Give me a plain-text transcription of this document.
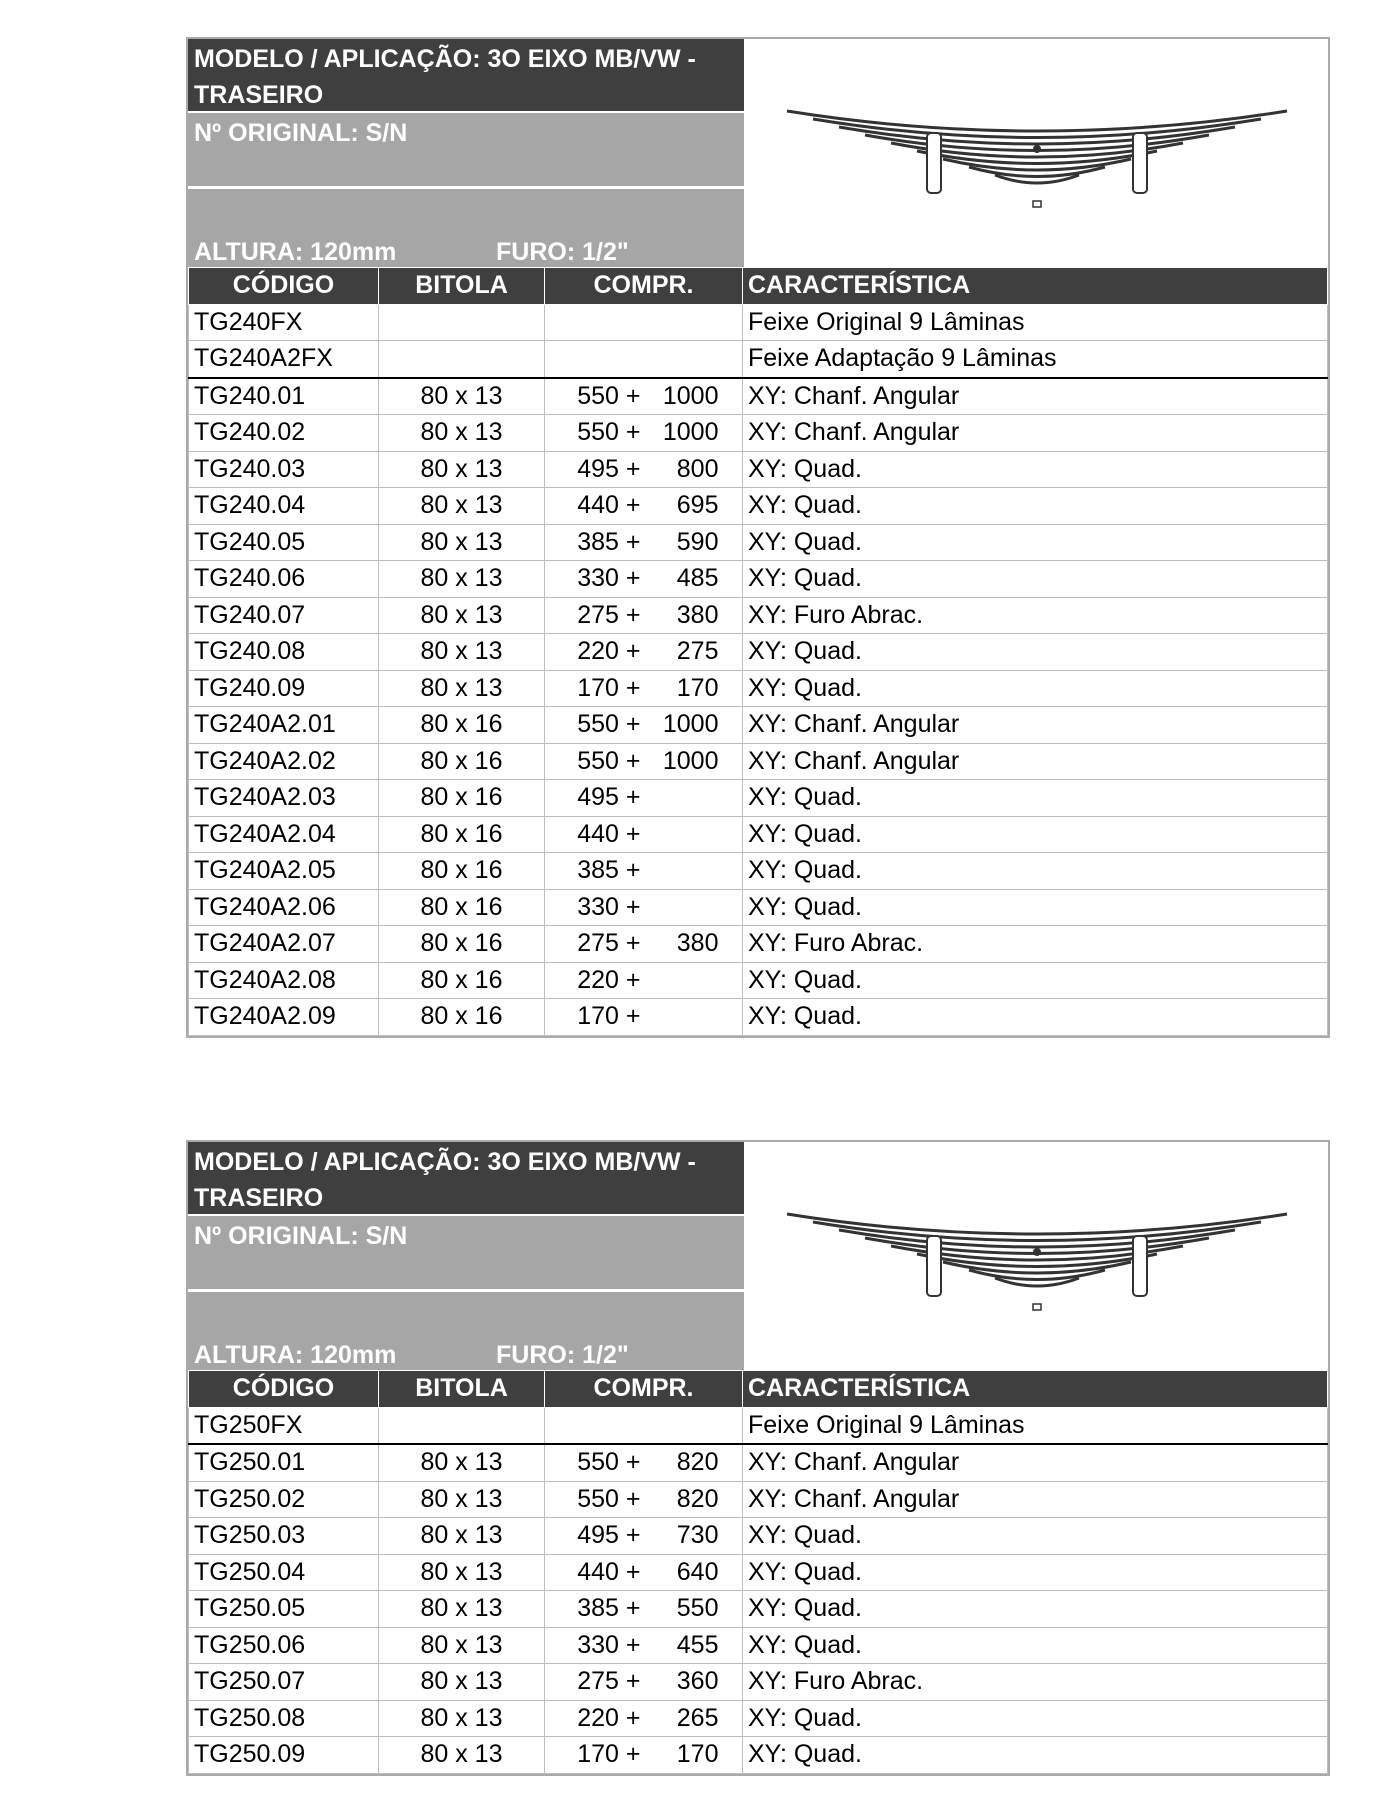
MODELO / APLICAÇÃO: 3O EIXO MB/VW - TRASEIRO
Nº ORIGINAL: S/N
ALTURA: 120mm	FURO: 1/2"
CÓDIGO	BITOLA	COMPR.	CARACTERÍSTICA
TG240FX			Feixe Original 9 Lâminas
TG240A2FX			Feixe Adaptação 9 Lâminas
TG240.01	80 x 13	550 + 1000	XY: Chanf. Angular
TG240.02	80 x 13	550 + 1000	XY: Chanf. Angular
TG240.03	80 x 13	495 + 800	XY: Quad.
TG240.04	80 x 13	440 + 695	XY: Quad.
TG240.05	80 x 13	385 + 590	XY: Quad.
TG240.06	80 x 13	330 + 485	XY: Quad.
TG240.07	80 x 13	275 + 380	XY: Furo Abrac.
TG240.08	80 x 13	220 + 275	XY: Quad.
TG240.09	80 x 13	170 + 170	XY: Quad.
TG240A2.01	80 x 16	550 + 1000	XY: Chanf. Angular
TG240A2.02	80 x 16	550 + 1000	XY: Chanf. Angular
TG240A2.03	80 x 16	495 +	XY: Quad.
TG240A2.04	80 x 16	440 +	XY: Quad.
TG240A2.05	80 x 16	385 +	XY: Quad.
TG240A2.06	80 x 16	330 +	XY: Quad.
TG240A2.07	80 x 16	275 + 380	XY: Furo Abrac.
TG240A2.08	80 x 16	220 +	XY: Quad.
TG240A2.09	80 x 16	170 +	XY: Quad.
MODELO / APLICAÇÃO: 3O EIXO MB/VW - TRASEIRO
Nº ORIGINAL: S/N
ALTURA: 120mm	FURO: 1/2"
CÓDIGO	BITOLA	COMPR.	CARACTERÍSTICA
TG250FX			Feixe Original 9 Lâminas
TG250.01	80 x 13	550 + 820	XY: Chanf. Angular
TG250.02	80 x 13	550 + 820	XY: Chanf. Angular
TG250.03	80 x 13	495 + 730	XY: Quad.
TG250.04	80 x 13	440 + 640	XY: Quad.
TG250.05	80 x 13	385 + 550	XY: Quad.
TG250.06	80 x 13	330 + 455	XY: Quad.
TG250.07	80 x 13	275 + 360	XY: Furo Abrac.
TG250.08	80 x 13	220 + 265	XY: Quad.
TG250.09	80 x 13	170 + 170	XY: Quad.
